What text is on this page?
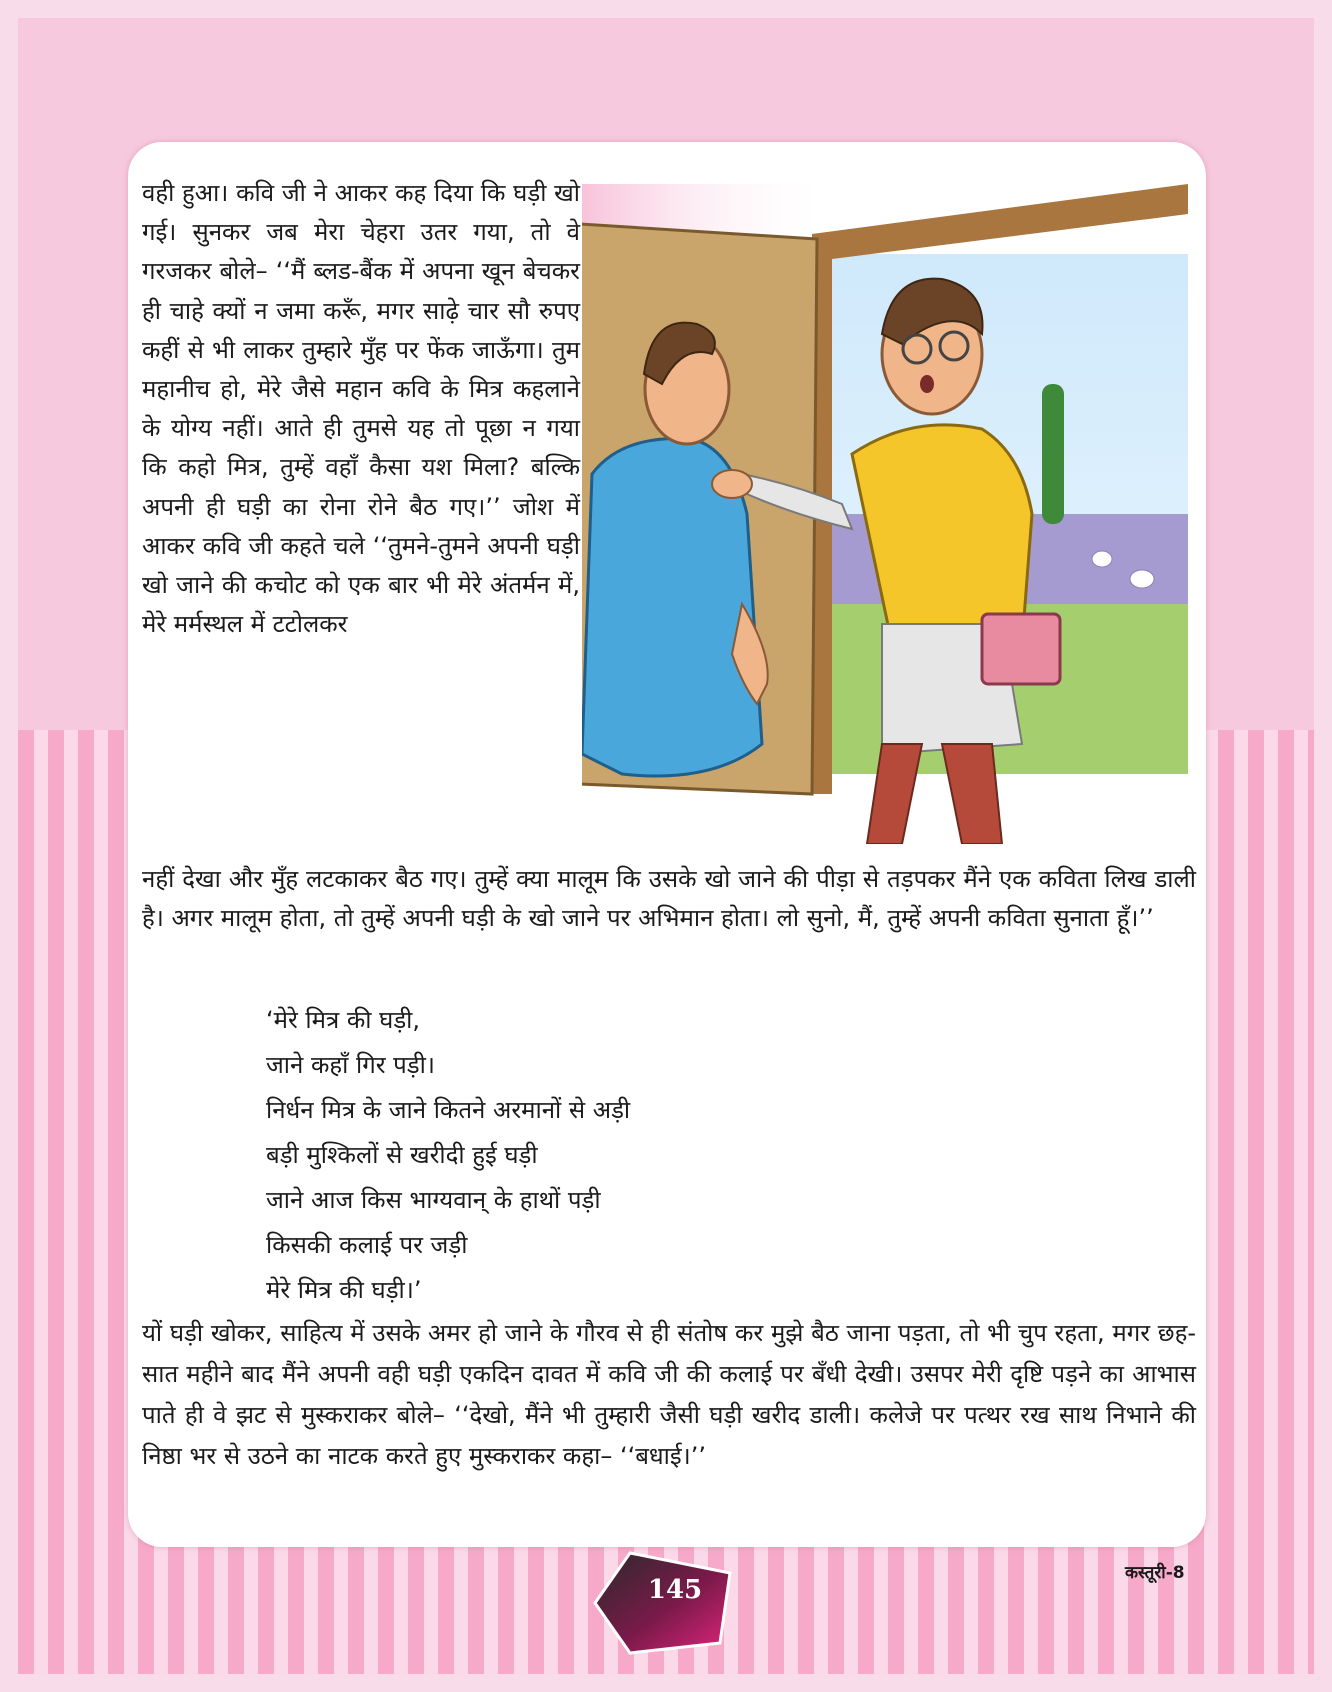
वही हुआ। कवि जी ने आकर कह दिया कि घड़ी खो गई। सुनकर जब मेरा चेहरा उतर गया, तो वे गरजकर बोले– ‘‘मैं ब्लड-बैंक में अपना खून बेचकर ही चाहे क्यों न जमा करूँ, मगर साढ़े चार सौ रुपए कहीं से भी लाकर तुम्हारे मुँह पर फेंक जाऊँगा। तुम महानीच हो, मेरे जैसे महान कवि के मित्र कहलाने के योग्य नहीं। आते ही तुमसे यह तो पूछा न गया कि कहो मित्र, तुम्हें वहाँ कैसा यश मिला? बल्कि अपनी ही घड़ी का रोना रोने बैठ गए।’’ जोश में आकर कवि जी कहते चले ‘‘तुमने-तुमने अपनी घड़ी खो जाने की कचोट को एक बार भी मेरे अंतर्मन में, मेरे मर्मस्थल में टटोलकर

नहीं देखा और मुँह लटकाकर बैठ गए। तुम्हें क्या मालूम कि उसके खो जाने की पीड़ा से तड़पकर मैंने एक कविता लिख डाली है। अगर मालूम होता, तो तुम्हें अपनी घड़ी के खो जाने पर अभिमान होता। लो सुनो, मैं, तुम्हें अपनी कविता सुनाता हूँ।’’

‘मेरे मित्र की घड़ी,
जाने कहाँ गिर पड़ी।
निर्धन मित्र के जाने कितने अरमानों से अड़ी
बड़ी मुश्किलों से खरीदी हुई घड़ी
जाने आज किस भाग्यवान् के हाथों पड़ी
किसकी कलाई पर जड़ी
मेरे मित्र की घड़ी।’

यों घड़ी खोकर, साहित्य में उसके अमर हो जाने के गौरव से ही संतोष कर मुझे बैठ जाना पड़ता, तो भी चुप रहता, मगर छह-सात महीने बाद मैंने अपनी वही घड़ी एकदिन दावत में कवि जी की कलाई पर बँधी देखी। उसपर मेरी दृष्टि पड़ने का आभास पाते ही वे झट से मुस्कराकर बोले– ‘‘देखो, मैंने भी तुम्हारी जैसी घड़ी खरीद डाली। कलेजे पर पत्थर रख साथ निभाने की निष्ठा भर से उठने का नाटक करते हुए मुस्कराकर कहा– ‘‘बधाई।’’

145
कस्तूरी-8
